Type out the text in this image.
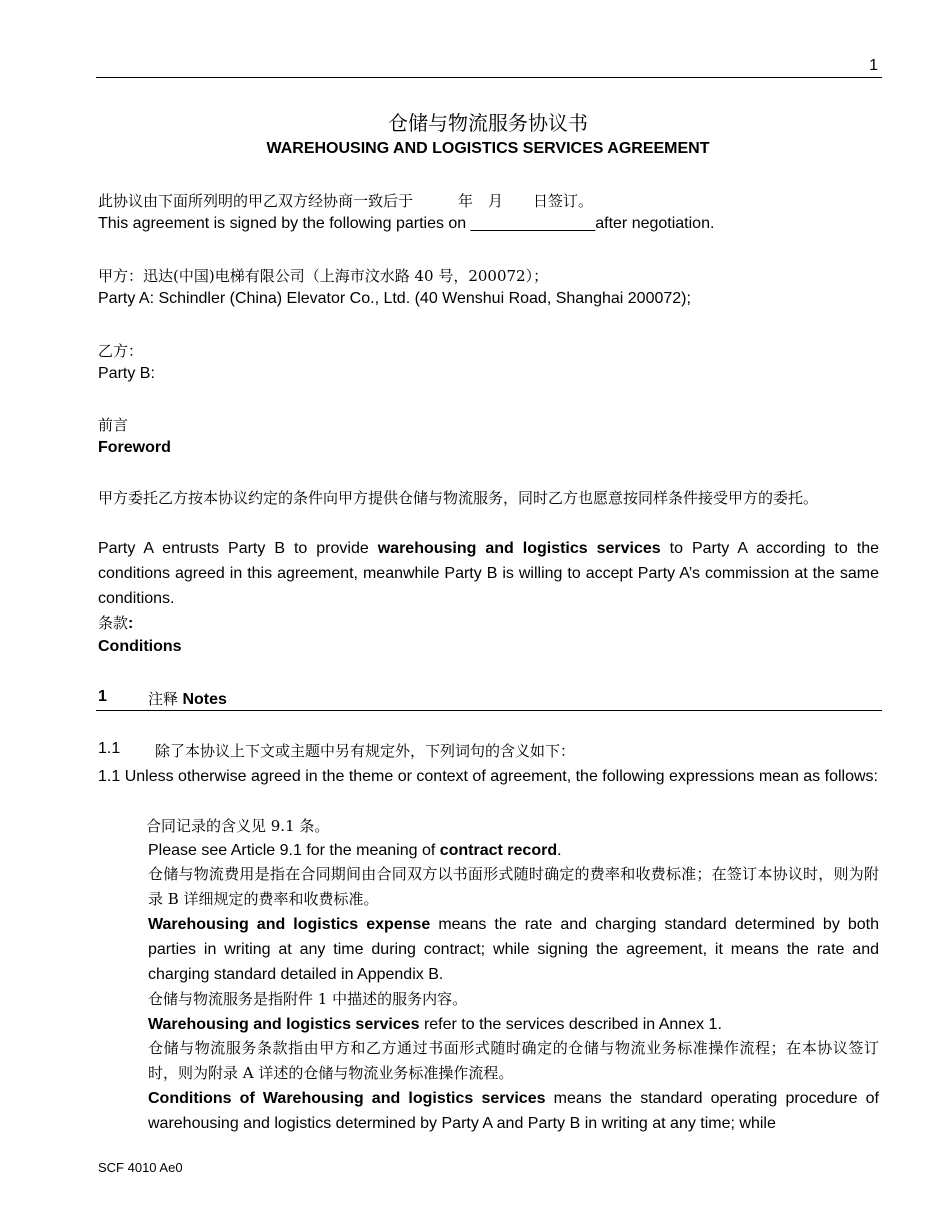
1
仓储与物流服务协议书
WAREHOUSING AND LOGISTICS SERVICES AGREEMENT
此协议由下面所列明的甲乙双方经协商一致后于　　　年　月　　日签订。
This agreement is signed by the following parties on ______________after negotiation.
甲方：迅达(中国)电梯有限公司（上海市汶水路 40 号，200072）；
Party A: Schindler (China) Elevator Co., Ltd. (40 Wenshui Road, Shanghai 200072);
乙方：
Party B:
前言
Foreword
甲方委托乙方按本协议约定的条件向甲方提供仓储与物流服务，同时乙方也愿意按同样条件接受甲方的委托。
Party A entrusts Party B to provide warehousing and logistics services to Party A according to the conditions agreed in this agreement, meanwhile Party B is willing to accept Party A’s commission at the same conditions.
条款:
Conditions
1	注释 Notes
1.1 除了本协议上下文或主题中另有规定外，下列词句的含义如下：
1.1 Unless otherwise agreed in the theme or context of agreement, the following expressions mean as follows:
合同记录的含义见 9.1 条。
Please see Article 9.1 for the meaning of contract record.
仓储与物流费用是指在合同期间由合同双方以书面形式随时确定的费率和收费标准；在签订本协议时，则为附录 B 详细规定的费率和收费标准。
Warehousing and logistics expense means the rate and charging standard determined by both parties in writing at any time during contract; while signing the agreement, it means the rate and charging standard detailed in Appendix B.
仓储与物流服务是指附件 1 中描述的服务内容。
Warehousing and logistics services refer to the services described in Annex 1.
仓储与物流服务条款指由甲方和乙方通过书面形式随时确定的仓储与物流业务标准操作流程；在本协议签订时，则为附录 A 详述的仓储与物流业务标准操作流程。
Conditions of Warehousing and logistics services means the standard operating procedure of warehousing and logistics determined by Party A and Party B in writing at any time; while
SCF 4010 Ae0
